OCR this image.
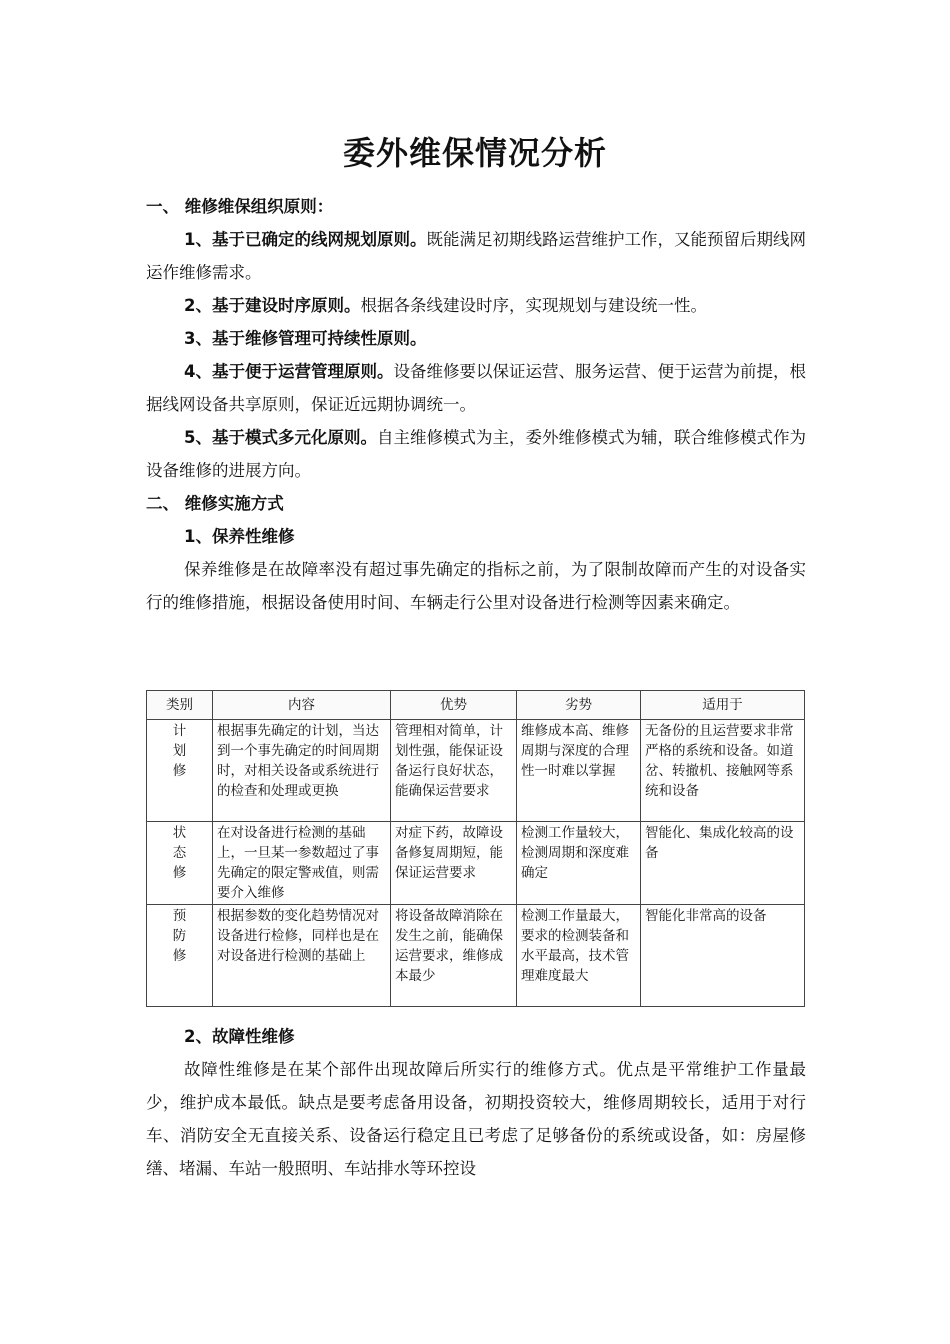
委外维保情况分析
一、 维修维保组织原则：

1、基于已确定的线网规划原则。既能满足初期线路运营维护工作，又能预留后期线网运作维修需求。

2、基于建设时序原则。根据各条线建设时序，实现规划与建设统一性。

3、基于维修管理可持续性原则。

4、基于便于运营管理原则。设备维修要以保证运营、服务运营、便于运营为前提，根据线网设备共享原则，保证近远期协调统一。

5、基于模式多元化原则。自主维修模式为主，委外维修模式为辅，联合维修模式作为设备维修的进展方向。

二、 维修实施方式
1、保养性维修

保养维修是在故障率没有超过事先确定的指标之前，为了限制故障而产生的对设备实行的维修措施，根据设备使用时间、车辆走行公里对设备进行检测等因素来确定。

类别	内容	优势	劣势	适用于
计划修	根据事先确定的计划，当达到一个事先确定的时间周期时，对相关设备或系统进行的检查和处理或更换	管理相对简单，计划性强，能保证设备运行良好状态，能确保运营要求	维修成本高、维修周期与深度的合理性一时难以掌握	无备份的且运营要求非常严格的系统和设备。如道岔、转撤机、接触网等系统和设备
状态修	在对设备进行检测的基础上，一旦某一参数超过了事先确定的限定警戒值，则需要介入维修	对症下药，故障设备修复周期短，能保证运营要求	检测工作量较大，检测周期和深度难确定	智能化、集成化较高的设备
预防修	根据参数的变化趋势情况对设备进行检修，同样也是在对设备进行检测的基础上	将设备故障消除在发生之前，能确保运营要求，维修成本最少	检测工作量最大，要求的检测装备和水平最高，技术管理难度最大	智能化非常高的设备
2、故障性维修

故障性维修是在某个部件出现故障后所实行的维修方式。优点是平常维护工作量最少，维护成本最低。缺点是要考虑备用设备，初期投资较大，维修周期较长，适用于对行车、消防安全无直接关系、设备运行稳定且已考虑了足够备份的系统或设备，如：房屋修缮、堵漏、车站一般照明、车站排水等环控设
